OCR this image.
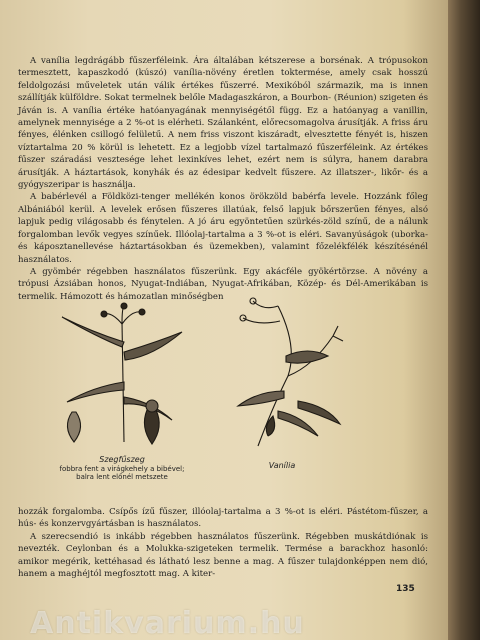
A vanília legdrágább fűszerféleink. Ára általában kétszerese a borsénak. A trópusokon termesztett, kapaszkodó (kúszó) vanília-növény éretlen toktermése, amely csak hosszú feldolgozási műveletek után válik értékes fűszerré. Mexikóból származik, ma is innen szállítják külföldre. Sokat termelnek belőle Madagaszkáron, a Bourbon- (Réunion) szigeten és Jáván is. A vanília értéke hatóanyagának mennyiségétől függ. Ez a hatóanyag a vanillin, amelynek mennyisége a 2 %-ot is elérheti. Szálanként, előrecsomagolva árusítják. A friss áru fényes, élénken csillogó felületű. A nem friss viszont kiszáradt, elvesztette fényét is, hiszen víztartalma 20 % körül is lehetett. Ez a legjobb vízel tartalmazó fűszerféleink. Az értékes fűszer száradási vesztesége lehet lexinkíves lehet, ezért nem is súlyra, hanem darabra árusítják. A háztartások, konyhák és az édesipar kedvelt fűszere. Az illatszer-, likőr- és a gyógyszeripar is használja.

A babérlevél a Földközi-tenger mellékén konos örökzöld babérfa levele. Hozzánk főleg Albániából kerül. A levelek erősen fűszeres illatúak, felső lapjuk bőrszerűen fényes, alsó lapjuk pedig világosabb és fénytelen. A jó áru egyöntetűen szürkés-zöld színű, de a nálunk forgalomban levők vegyes színűek. Illóolaj-tartalma a 3 %-ot is eléri. Savanyúságok (uborka- és káposztanellevése háztartásokban és üzemekben), valamint főzelékfélék készítésénél használatos.

A gyömbér régebben használatos fűszerünk. Egy akácféle gyökértörzse. A növény a trópusi Ázsiában honos, Nyugat-Indiában, Nyugat-Afrikában, Közép- és Dél-Amerikában is termelik. Hámozott és hámozatlan minőségben

Szegfűszeg
fobbra fent a virágkehely a bibével; balra lent előnél metszete
Vanília

hozzák forgalomba. Csípős ízű fűszer, illóolaj-tartalma a 3 %-ot is eléri. Pástétom-fűszer, a hús- és konzervgyártásban is használatos.

A szerecsendió is inkább régebben használatos fűszerünk. Régebben muskátdiónak is nevezték. Ceylonban és a Molukka-szigeteken termelik. Termése a barackhoz hasonló: amikor megérik, kettéhasad és látható lesz benne a mag. A fűszer tulajdonképpen nem dió, hanem a maghéjtól megfosztott mag. A kiter-

135
Antikvarium.hu
